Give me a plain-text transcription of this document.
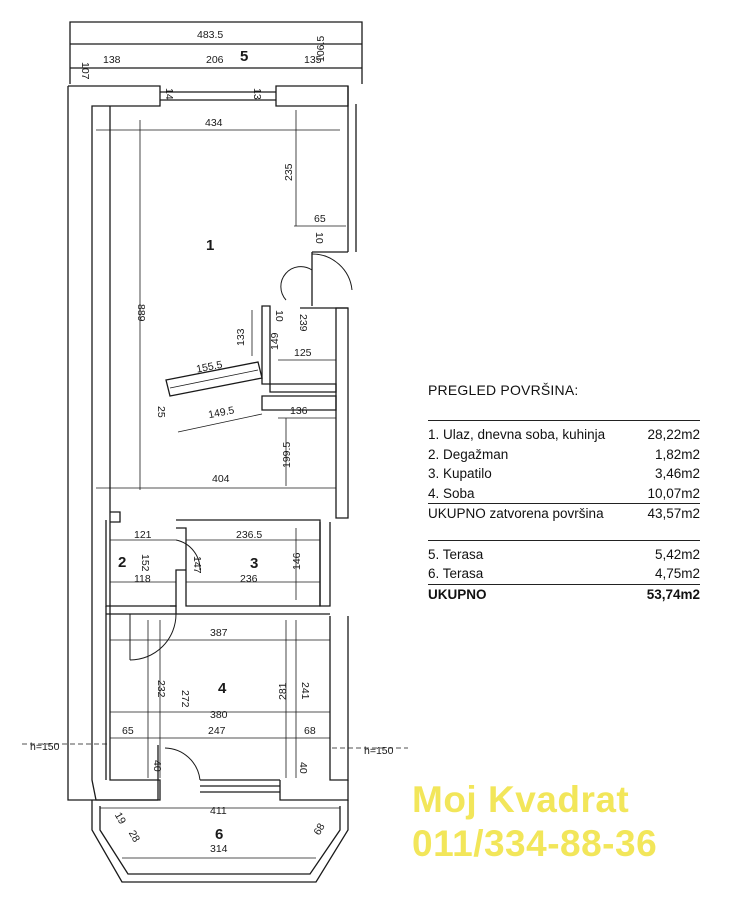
483.5
107
138	206	135
106.5
14	13
434
235
65
10
10 239
889
133
155.5
149
125
25	149.5	136
199.5
404
121	236.5
152	147	146
118	236
387
232
272	281 241
380
65	247	68
40	40
411
19
28
314
68
h=150	h=150
5
1
2	3
4
6
PREGLED POVRŠINA:
1. Ulaz, dnevna soba, kuhinja	28,22m2
2. Degažman	1,82m2
3. Kupatilo	3,46m2
4. Soba	10,07m2
UKUPNO zatvorena površina	43,57m2
5. Terasa	5,42m2
6. Terasa	4,75m2
UKUPNO	53,74m2
Moj Kvadrat
011/334-88-36
